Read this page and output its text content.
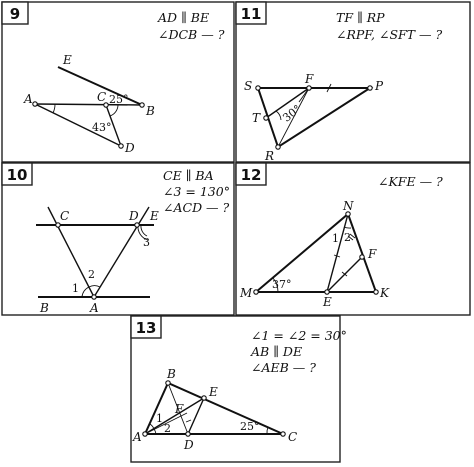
9	AD ∥ BE
∠DCB — ?
E
A	C
B
D
25°
43°
11	TF ∥ RP
∠RPF, ∠SFT — ?
S	F	P
T
R
30°
10	CE ∥ BA
∠3 = 130°
∠ACD — ?
C	D E
B	A
1
2
3
12	∠KFE — ?
N
F
M
E
K
37°
1 2
13	∠1 = ∠2 = 30°
AB ∥ DE
∠AEB — ?
B
E
F
A
D
C
1
2	25°
